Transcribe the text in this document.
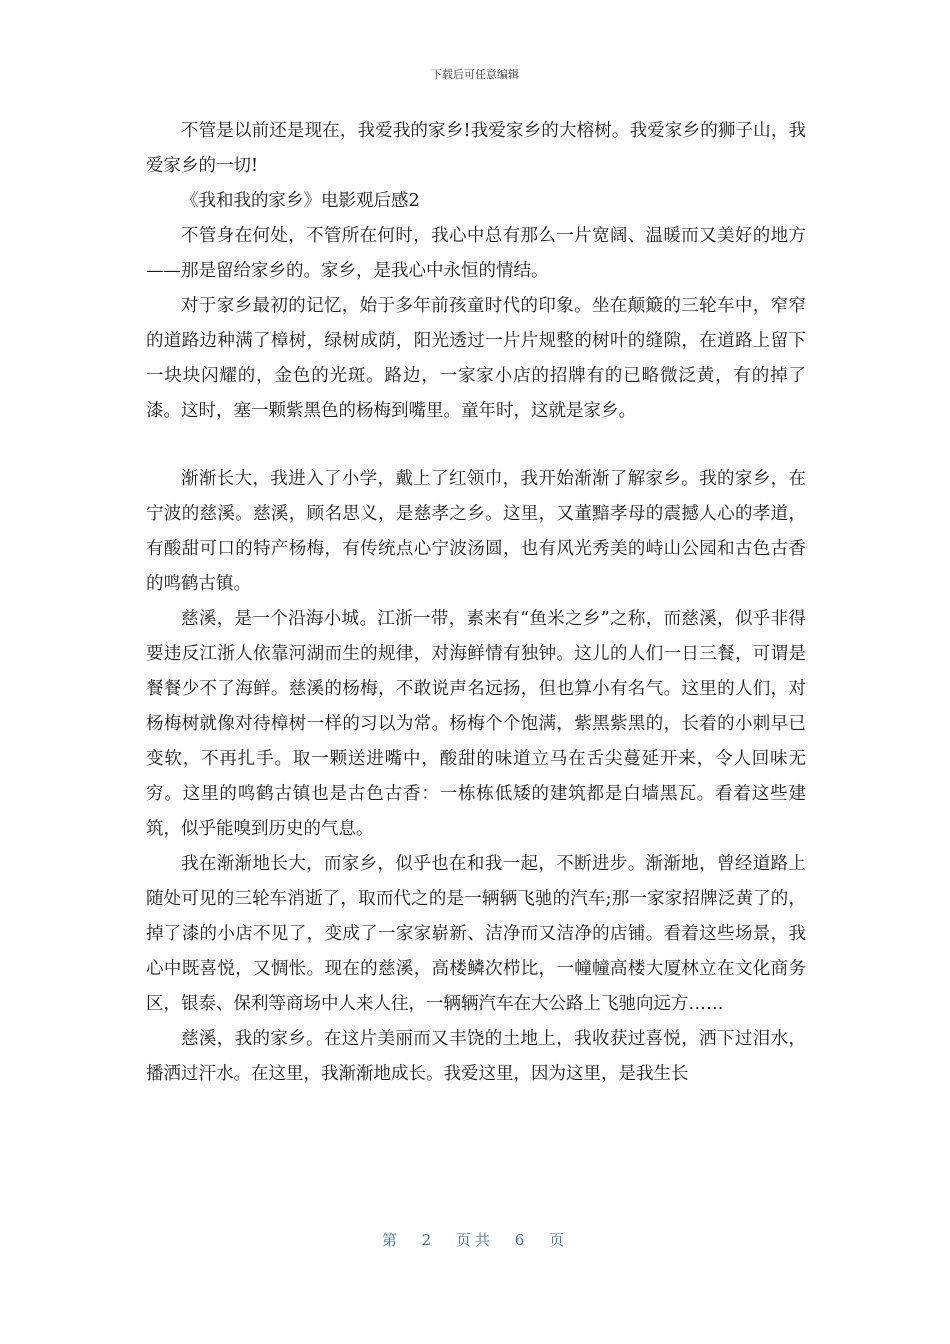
下载后可任意编辑

不管是以前还是现在，我爱我的家乡!我爱家乡的大榕树。我爱家乡的狮子山，我爱家乡的一切!

《我和我的家乡》电影观后感2

不管身在何处，不管所在何时，我心中总有那么一片宽阔、温暖而又美好的地方——那是留给家乡的。家乡，是我心中永恒的情结。

对于家乡最初的记忆，始于多年前孩童时代的印象。坐在颠簸的三轮车中，窄窄的道路边种满了樟树，绿树成荫，阳光透过一片片规整的树叶的缝隙，在道路上留下一块块闪耀的，金色的光斑。路边，一家家小店的招牌有的已略微泛黄，有的掉了漆。这时，塞一颗紫黑色的杨梅到嘴里。童年时，这就是家乡。

渐渐长大，我进入了小学，戴上了红领巾，我开始渐渐了解家乡。我的家乡，在宁波的慈溪。慈溪，顾名思义，是慈孝之乡。这里，又董黯孝母的震撼人心的孝道，有酸甜可口的特产杨梅，有传统点心宁波汤圆，也有风光秀美的峙山公园和古色古香的鸣鹤古镇。

慈溪，是一个沿海小城。江浙一带，素来有“鱼米之乡”之称，而慈溪，似乎非得要违反江浙人依靠河湖而生的规律，对海鲜情有独钟。这儿的人们一日三餐，可谓是餐餐少不了海鲜。慈溪的杨梅，不敢说声名远扬，但也算小有名气。这里的人们，对杨梅树就像对待樟树一样的习以为常。杨梅个个饱满，紫黑紫黑的，长着的小刺早已变软，不再扎手。取一颗送进嘴中，酸甜的味道立马在舌尖蔓延开来，令人回味无穷。这里的鸣鹤古镇也是古色古香：一栋栋低矮的建筑都是白墙黑瓦。看着这些建筑，似乎能嗅到历史的气息。

我在渐渐地长大，而家乡，似乎也在和我一起，不断进步。渐渐地，曾经道路上随处可见的三轮车消逝了，取而代之的是一辆辆飞驰的汽车;那一家家招牌泛黄了的，掉了漆的小店不见了，变成了一家家崭新、洁净而又洁净的店铺。看着这些场景，我心中既喜悦，又惆怅。现在的慈溪，高楼鳞次栉比，一幢幢高楼大厦林立在文化商务区，银泰、保利等商场中人来人往，一辆辆汽车在大公路上飞驰向远方……

慈溪，我的家乡。在这片美丽而又丰饶的土地上，我收获过喜悦，洒下过泪水，播洒过汗水。在这里，我渐渐地成长。我爱这里，因为这里，是我生长

第 2 页共 6 页
